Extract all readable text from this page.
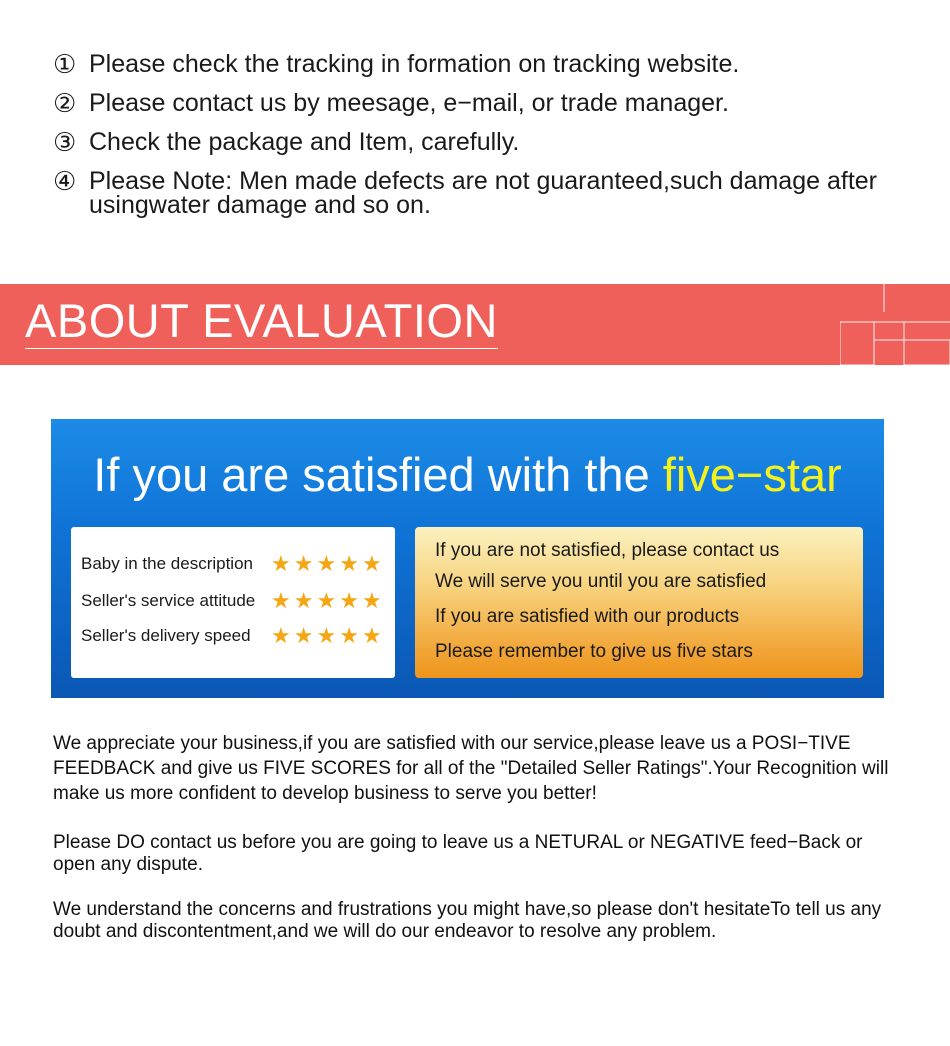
① Please check the tracking in formation on tracking website.
② Please contact us by meesage, e−mail, or trade manager.
③ Check the package and Item, carefully.
④ Please Note: Men made defects are not guaranteed,such damage after usingwater damage and so on.
ABOUT EVALUATION
If you are satisfied with the five−star
Baby in the description ★ ★ ★ ★ ★
Seller's service attitude ★ ★ ★ ★ ★
Seller's delivery speed ★ ★ ★ ★ ★
If you are not satisfied, please contact us
We will serve you until you are satisfied
If you are satisfied with our products
Please remember to give us five stars
We appreciate your business,if you are satisfied with our service,please leave us a POSI−TIVE FEEDBACK and give us FIVE SCORES for all of the "Detailed Seller Ratings".Your Recognition will make us more confident to develop business to serve you better!
Please DO contact us before you are going to leave us a NETURAL or NEGATIVE feed−Back or open any dispute.
We understand the concerns and frustrations you might have,so please don't hesitateTo tell us any doubt and discontentment,and we will do our endeavor to resolve any problem.
